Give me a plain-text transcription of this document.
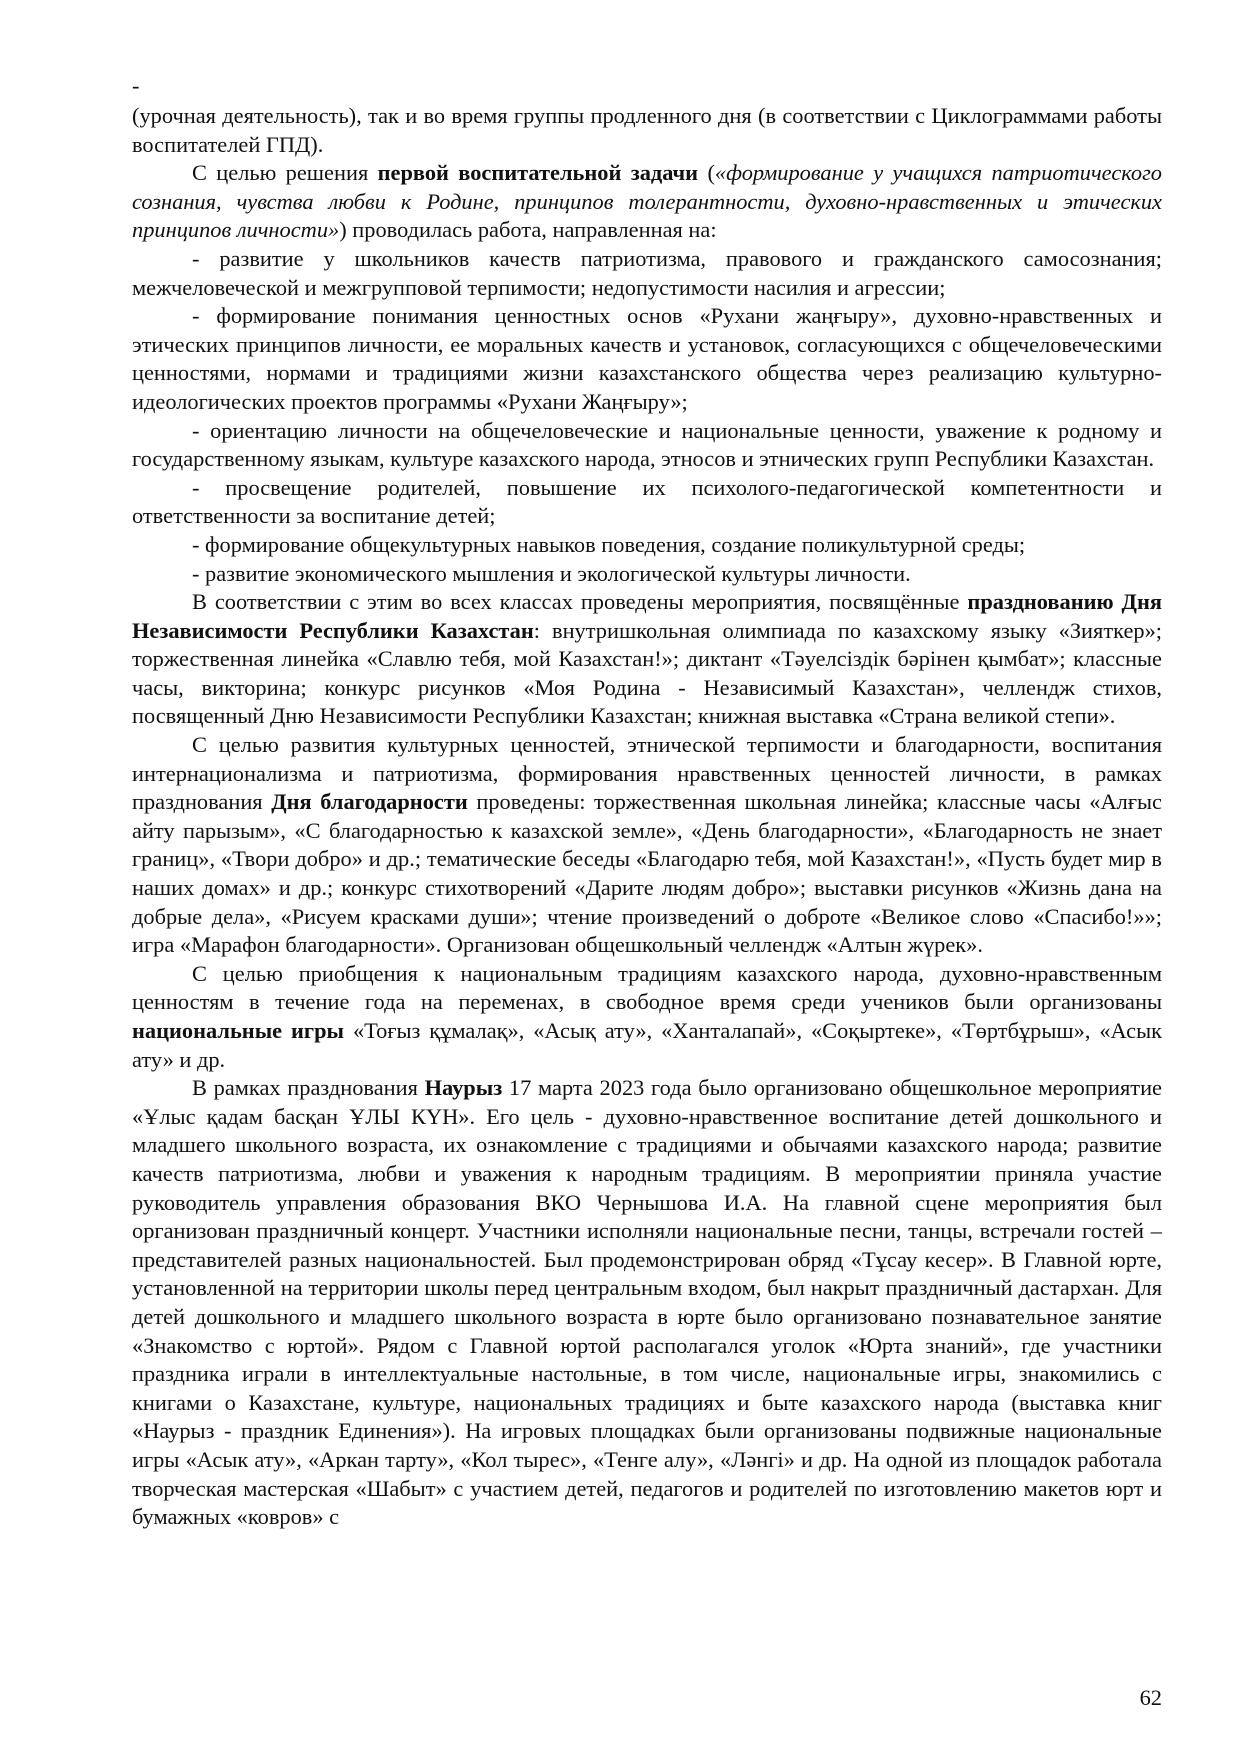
-

(урочная деятельность), так и во время группы продленного дня (в соответствии с Циклограммами работы воспитателей ГПД).

С целью решения первой воспитательной задачи («формирование у учащихся патриотического сознания, чувства любви к Родине, принципов толерантности, духовно-нравственных и этических принципов личности») проводилась работа, направленная на:

- развитие у школьников качеств патриотизма, правового и гражданского самосознания; межчеловеческой и межгрупповой терпимости; недопустимости насилия и агрессии;

- формирование понимания ценностных основ «Рухани жаңғыру», духовно-нравственных и этических принципов личности, ее моральных качеств и установок, согласующихся с общечеловеческими ценностями, нормами и традициями жизни казахстанского общества через реализацию культурно-идеологических проектов программы «Рухани Жаңғыру»;

- ориентацию личности на общечеловеческие и национальные ценности, уважение к родному и государственному языкам, культуре казахского народа, этносов и этнических групп Республики Казахстан.

- просвещение родителей, повышение их психолого-педагогической компетентности и ответственности за воспитание детей;

- формирование общекультурных навыков поведения, создание поликультурной среды;

- развитие экономического мышления и экологической культуры личности.

В соответствии с этим во всех классах проведены мероприятия, посвящённые празднованию Дня Независимости Республики Казахстан: внутришкольная олимпиада по казахскому языку «Зияткер»; торжественная линейка «Славлю тебя, мой Казахстан!»; диктант «Тәуелсіздік бәрінен қымбат»; классные часы, викторина; конкурс рисунков «Моя Родина - Независимый Казахстан», челлендж стихов, посвященный Дню Независимости Республики Казахстан; книжная выставка «Страна великой степи».

С целью развития культурных ценностей, этнической терпимости и благодарности, воспитания интернационализма и патриотизма, формирования нравственных ценностей личности, в рамках празднования Дня благодарности проведены: торжественная школьная линейка; классные часы «Алғыс айту парызым», «С благодарностью к казахской земле», «День благодарности», «Благодарность не знает границ», «Твори добро» и др.; тематические беседы «Благодарю тебя, мой Казахстан!», «Пусть будет мир в наших домах» и др.; конкурс стихотворений «Дарите людям добро»; выставки рисунков «Жизнь дана на добрые дела», «Рисуем красками души»; чтение произведений о доброте «Великое слово «Спасибо!»»; игра «Марафон благодарности». Организован общешкольный челлендж «Алтын жүрек».

С целью приобщения к национальным традициям казахского народа, духовно-нравственным ценностям в течение года на переменах, в свободное время среди учеников были организованы национальные игры «Тоғыз құмалақ», «Асық ату», «Ханталапай», «Соқыртеке», «Төртбұрыш», «Асык ату» и др.

В рамках празднования Наурыз 17 марта 2023 года было организовано общешкольное мероприятие «Ұлыс қадам басқан ҰЛЫ КҮН». Его цель - духовно-нравственное воспитание детей дошкольного и младшего школьного возраста, их ознакомление с традициями и обычаями казахского народа; развитие качеств патриотизма, любви и уважения к народным традициям. В мероприятии приняла участие руководитель управления образования ВКО Чернышова И.А. На главной сцене мероприятия был организован праздничный концерт. Участники исполняли национальные песни, танцы, встречали гостей – представителей разных национальностей. Был продемонстрирован обряд «Тұсау кесер». В Главной юрте, установленной на территории школы перед центральным входом, был накрыт праздничный дастархан. Для детей дошкольного и младшего школьного возраста в юрте было организовано познавательное занятие «Знакомство с юртой». Рядом с Главной юртой располагался уголок «Юрта знаний», где участники праздника играли в интеллектуальные настольные, в том числе, национальные игры, знакомились с книгами о Казахстане, культуре, национальных традициях и быте казахского народа (выставка книг «Наурыз - праздник Единения»). На игровых площадках были организованы подвижные национальные игры «Асык ату», «Аркан тарту», «Кол тырес», «Тенге алу», «Ләнгі» и др. На одной из площадок работала творческая мастерская «Шабыт» с участием детей, педагогов и родителей по изготовлению макетов юрт и бумажных «ковров» с

62
